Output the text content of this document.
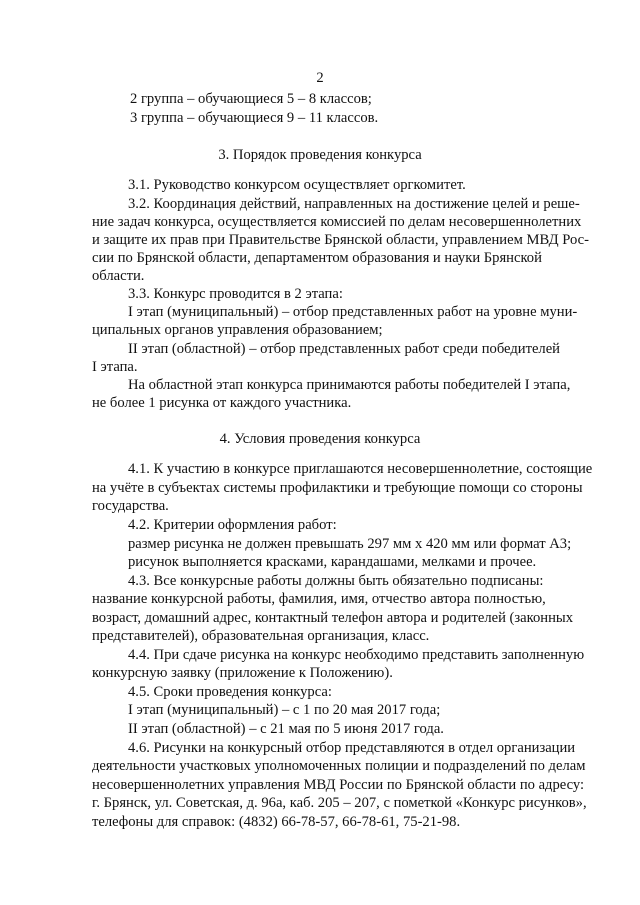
2
2 группа – обучающиеся 5 – 8 классов;
3 группа – обучающиеся 9 – 11 классов.
3. Порядок проведения конкурса
3.1. Руководство конкурсом осуществляет оргкомитет.
3.2. Координация действий, направленных на достижение целей и реше-
ние задач конкурса, осуществляется комиссией по делам несовершеннолетних
и защите их прав при Правительстве Брянской области, управлением МВД Рос-
сии по Брянской области, департаментом образования и науки Брянской
области.
3.3. Конкурс проводится в 2 этапа:
I этап (муниципальный) – отбор представленных работ на уровне муни-
ципальных органов управления образованием;
II этап (областной) – отбор представленных работ среди победителей
I этапа.
На областной этап конкурса принимаются работы победителей I этапа,
не более 1 рисунка от каждого участника.
4. Условия проведения конкурса
4.1. К участию в конкурсе приглашаются несовершеннолетние, состоящие
на учёте в субъектах системы профилактики и требующие помощи со стороны
государства.
4.2. Критерии оформления работ:
размер рисунка не должен превышать 297 мм х 420 мм или формат А3;
рисунок выполняется красками, карандашами, мелками и прочее.
4.3. Все конкурсные работы должны быть обязательно подписаны:
название конкурсной работы, фамилия, имя, отчество автора полностью,
возраст, домашний адрес, контактный телефон автора и родителей (законных
представителей), образовательная организация, класс.
4.4. При сдаче рисунка на конкурс необходимо представить заполненную
конкурсную заявку (приложение к Положению).
4.5. Сроки проведения конкурса:
I этап (муниципальный) – с 1 по 20 мая 2017 года;
II этап (областной) – с 21 мая по 5 июня 2017 года.
4.6. Рисунки на конкурсный отбор представляются в отдел организации
деятельности участковых уполномоченных полиции и подразделений по делам
несовершеннолетних управления МВД России по Брянской области по адресу:
г. Брянск, ул. Советская, д. 96а, каб. 205 – 207, с пометкой «Конкурс рисунков»,
телефоны для справок: (4832) 66-78-57, 66-78-61, 75-21-98.
